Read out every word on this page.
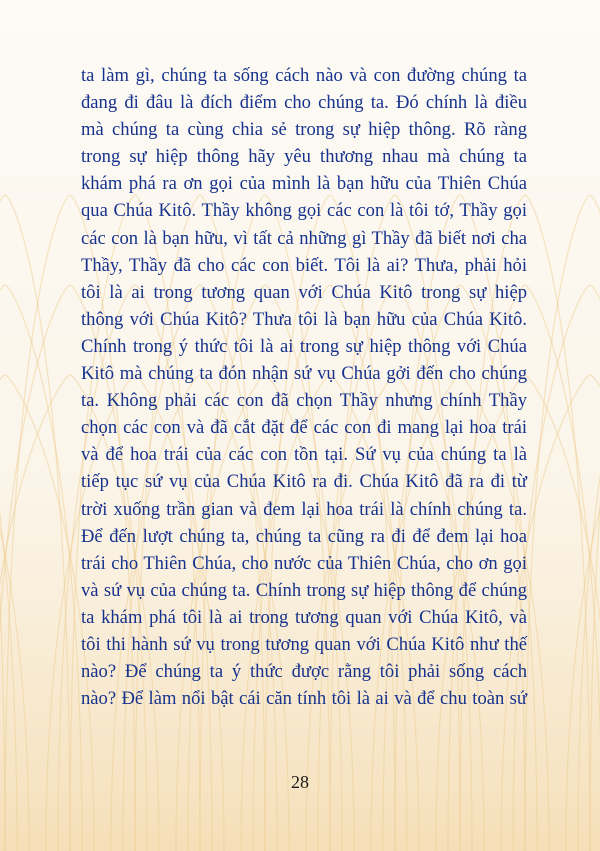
ta làm gì, chúng ta sống cách nào và con đường chúng ta
đang đi đâu là đích điểm cho chúng ta. Đó chính là điều
mà chúng ta cùng chia sẻ trong sự hiệp thông. Rõ ràng
trong sự hiệp thông hãy yêu thương nhau mà chúng ta
khám phá ra ơn gọi của mình là bạn hữu của Thiên Chúa
qua Chúa Kitô. Thầy không gọi các con là tôi tớ, Thầy gọi
các con là bạn hữu, vì tất cả những gì Thầy đã biết nơi cha
Thầy, Thầy đã cho các con biết. Tôi là ai? Thưa, phải hỏi
tôi là ai trong tương quan với Chúa Kitô trong sự hiệp
thông với Chúa Kitô? Thưa tôi là bạn hữu của Chúa Kitô.
Chính trong ý thức tôi là ai trong sự hiệp thông với Chúa
Kitô mà chúng ta đón nhận sứ vụ Chúa gởi đến cho chúng
ta. Không phải các con đã chọn Thầy nhưng chính Thầy
chọn các con và đã cắt đặt để các con đi mang lại hoa trái
và để hoa trái của các con tồn tại. Sứ vụ của chúng ta là
tiếp tục sứ vụ của Chúa Kitô ra đi. Chúa Kitô đã ra đi từ
trời xuống trần gian và đem lại hoa trái là chính chúng ta.
Để đến lượt chúng ta, chúng ta cũng ra đi để đem lại hoa
trái cho Thiên Chúa, cho nước của Thiên Chúa, cho ơn gọi
và sứ vụ của chúng ta. Chính trong sự hiệp thông để chúng
ta khám phá tôi là ai trong tương quan với Chúa Kitô, và
tôi thi hành sứ vụ trong tương quan với Chúa Kitô như thế
nào? Để chúng ta ý thức được rằng tôi phải sống cách
nào? Để làm nổi bật cái căn tính tôi là ai và để chu toàn sứ
28
